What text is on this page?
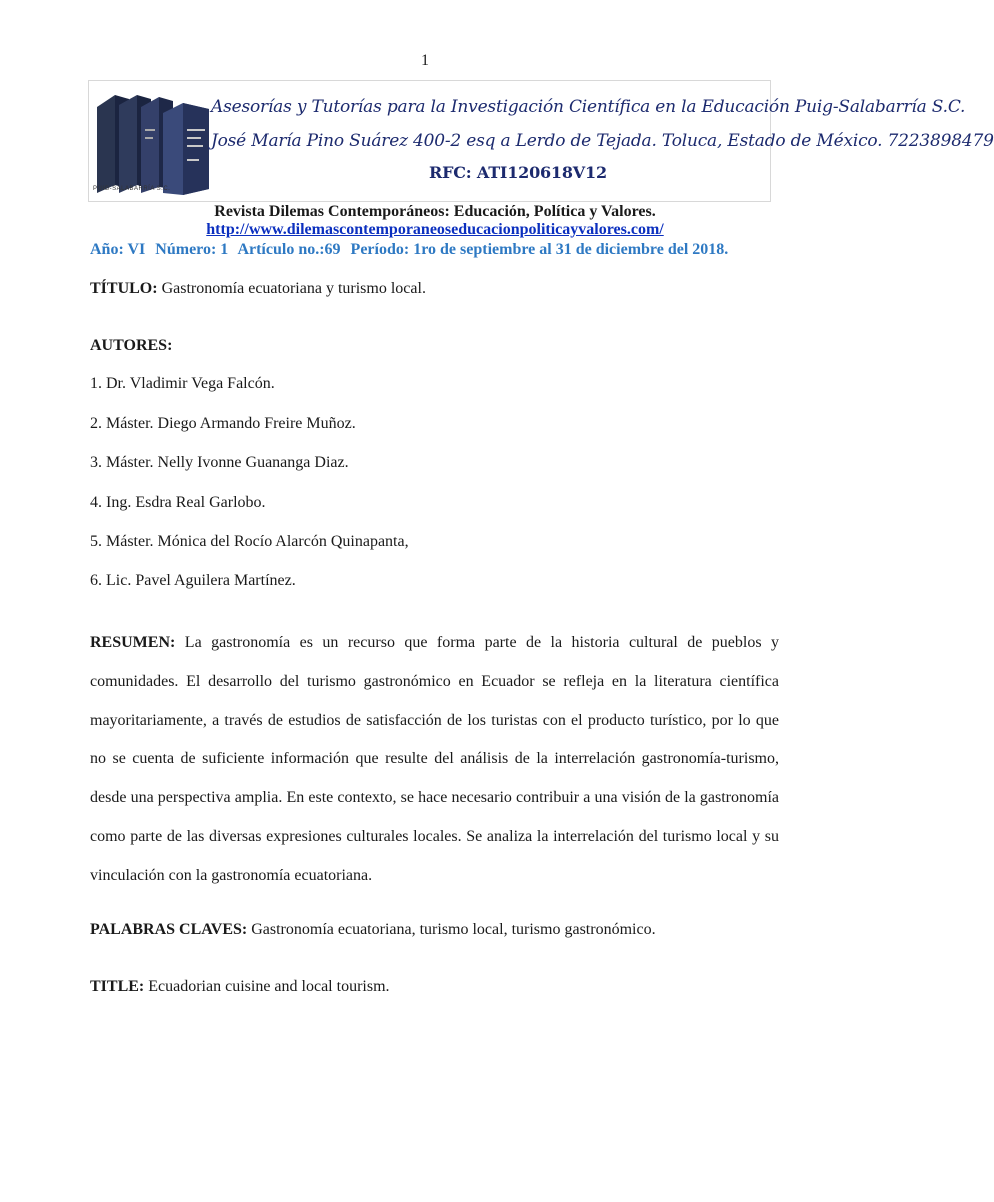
1
PUIG-SALABARRÍA S.C.
Asesorías y Tutorías para la Investigación Científica en la Educación Puig-Salabarría S.C.
José María Pino Suárez 400-2 esq a Lerdo de Tejada. Toluca, Estado de México. 7223898479
RFC: ATI120618V12
Revista Dilemas Contemporáneos: Educación, Política y Valores.
http://www.dilemascontemporaneoseducacionpoliticayvalores.com/
Año: VI Número: 1 Artículo no.:69 Período: 1ro de septiembre al 31 de diciembre del 2018.
TÍTULO: Gastronomía ecuatoriana y turismo local.
AUTORES:
1. Dr. Vladimir Vega Falcón.
2. Máster. Diego Armando Freire Muñoz.
3. Máster. Nelly Ivonne Guananga Diaz.
4. Ing. Esdra Real Garlobo.
5. Máster. Mónica del Rocío Alarcón Quinapanta,
6. Lic. Pavel Aguilera Martínez.
RESUMEN: La gastronomía es un recurso que forma parte de la historia cultural de pueblos y comunidades. El desarrollo del turismo gastronómico en Ecuador se refleja en la literatura científica mayoritariamente, a través de estudios de satisfacción de los turistas con el producto turístico, por lo que no se cuenta de suficiente información que resulte del análisis de la interrelación gastronomía-turismo, desde una perspectiva amplia. En este contexto, se hace necesario contribuir a una visión de la gastronomía como parte de las diversas expresiones culturales locales. Se analiza la interrelación del turismo local y su vinculación con la gastronomía ecuatoriana.
PALABRAS CLAVES: Gastronomía ecuatoriana, turismo local, turismo gastronómico.
TITLE: Ecuadorian cuisine and local tourism.
